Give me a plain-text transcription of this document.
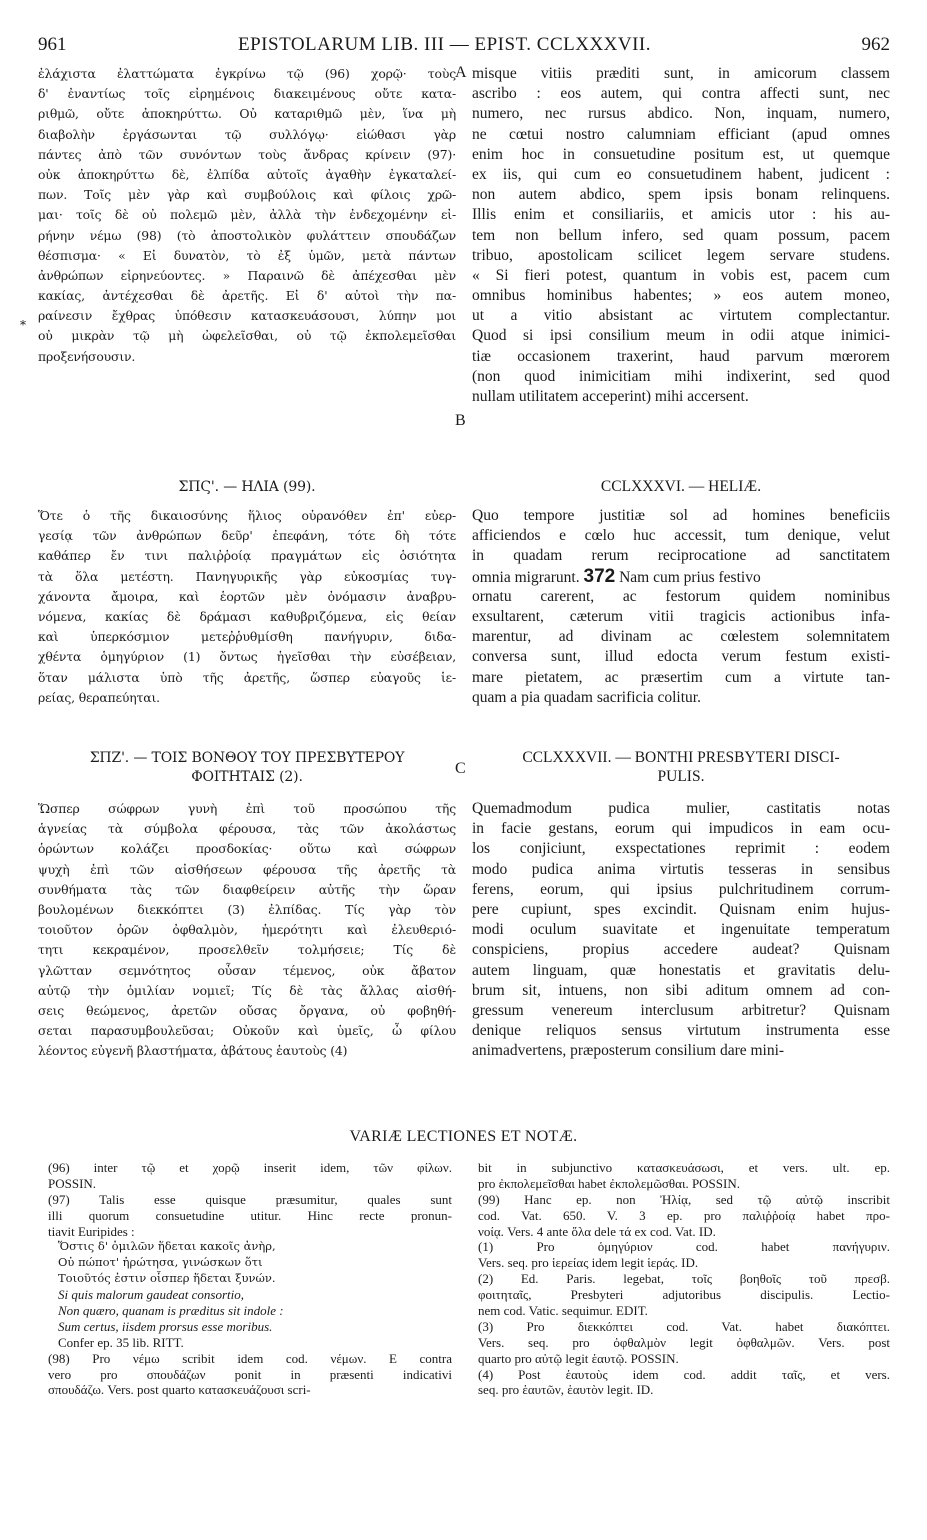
961	EPISTOLARUM LIB. III — EPIST. CCLXXXVII.	962
A
B
C
*
ἐλάχιστα ἐλαττώματα ἐγκρίνω τῷ (96) χορῷ· τοὺς
δ' ἐναντίως τοῖς εἰρημένοις διακειμένους οὔτε κατα-
ριθμῶ, οὔτε ἀποκηρύττω. Οὐ καταριθμῶ μὲν, ἵνα μὴ
διαβολὴν ἐργάσωνται τῷ συλλόγῳ· εἰώθασι γὰρ
πάντες ἀπὸ τῶν συνόντων τοὺς ἄνδρας κρίνειν (97)·
οὐκ ἀποκηρύττω δὲ, ἐλπίδα αὐτοῖς ἀγαθὴν ἐγκαταλεί-
πων. Τοῖς μὲν γὰρ καὶ συμβούλοις καὶ φίλοις χρῶ-
μαι· τοῖς δὲ οὐ πολεμῶ μὲν, ἀλλὰ τὴν ἐνδεχομένην εἰ-
ρήνην νέμω (98) (τὸ ἀποστολικὸν φυλάττειν σπουδάζων
θέσπισμα· « Εἰ δυνατὸν, τὸ ἐξ ὑμῶν, μετὰ πάντων
ἀνθρώπων εἰρηνεύοντες. » Παραινῶ δὲ ἀπέχεσθαι μὲν
κακίας, ἀντέχεσθαι δὲ ἀρετῆς. Εἰ δ' αὐτοὶ τὴν πα-
ραίνεσιν ἔχθρας ὑπόθεσιν κατασκευάσουσι, λύπην μοι
οὐ μικρὰν τῷ μὴ ὠφελεῖσθαι, οὐ τῷ ἐκπολεμεῖσθαι
προξενήσουσιν.
ΣΠϚ'. — ΗΛΙΑ (99).
Ὅτε ὁ τῆς δικαιοσύνης ἥλιος οὐρανόθεν ἐπ' εὐερ-
γεσίᾳ τῶν ἀνθρώπων δεῦρ' ἐπεφάνη, τότε δὴ τότε
καθάπερ ἔν τινι παλιῤῥοίᾳ πραγμάτων εἰς ὁσιότητα
τὰ ὅλα μετέστη. Πανηγυρικῆς γὰρ εὐκοσμίας τυγ-
χάνοντα ἄμοιρα, καὶ ἑορτῶν μὲν ὀνόμασιν ἀναβρυ-
νόμενα, κακίας δὲ δράμασι καθυβριζόμενα, εἰς θείαν
καὶ ὑπερκόσμιον μετεῤῥυθμίσθη πανήγυριν, διδα-
χθέντα ὁμηγύριον (1) ὄντως ἡγεῖσθαι τὴν εὐσέβειαν,
ὅταν μάλιστα ὑπὸ τῆς ἀρετῆς, ὥσπερ εὐαγοῦς ἱε-
ρείας, θεραπεύηται.
ΣΠΖ'. — ΤΟΙΣ ΒΟΝΘΟΥ ΤΟΥ ΠΡΕΣΒΥΤΕΡΟΥ
ΦΟΙΤΗΤΑΙΣ (2).
Ὥσπερ σώφρων γυνὴ ἐπὶ τοῦ προσώπου τῆς
ἁγνείας τὰ σύμβολα φέρουσα, τὰς τῶν ἀκολάστως
ὁρώντων κολάζει προσδοκίας· οὕτω καὶ σώφρων
ψυχὴ ἐπὶ τῶν αἰσθήσεων φέρουσα τῆς ἀρετῆς τὰ
συνθήματα τὰς τῶν διαφθείρειν αὐτῆς τὴν ὥραν
βουλομένων διεκκόπτει (3) ἐλπίδας. Τίς γὰρ τὸν
τοιοῦτον ὁρῶν ὀφθαλμὸν, ἡμερότητι καὶ ἐλευθεριό-
τητι κεκραμένον, προσελθεῖν τολμήσειε; Τίς δὲ
γλῶτταν σεμνότητος οὖσαν τέμενος, οὐκ ἄβατον
αὐτῷ τὴν ὁμιλίαν νομιεῖ; Τίς δὲ τὰς ἄλλας αἰσθή-
σεις θεώμενος, ἀρετῶν οὔσας ὄργανα, οὐ φοβηθή-
σεται παρασυμβουλεῦσαι; Οὐκοῦν καὶ ὑμεῖς, ὦ φίλου
λέοντος εὐγενῆ βλαστήματα, ἀβάτους ἑαυτοὺς (4)
misque vitiis præditi sunt, in amicorum classem
ascribo : eos autem, qui contra affecti sunt, nec
numero, nec rursus abdico. Non, inquam, numero,
ne cœtui nostro calumniam efficiant (apud omnes
enim hoc in consuetudine positum est, ut quemque
ex iis, qui cum eo consuetudinem habent, judicent :
non autem abdico, spem ipsis bonam relinquens.
Illis enim et consiliariis, et amicis utor : his au-
tem non bellum infero, sed quam possum, pacem
tribuo, apostolicam scilicet legem servare studens.
« Si fieri potest, quantum in vobis est, pacem cum
omnibus hominibus habentes; » eos autem moneo,
ut a vitio absistant ac virtutem complectantur.
Quod si ipsi consilium meum in odii atque inimici-
tiæ occasionem traxerint, haud parvum mœrorem
(non quod inimicitiam mihi indixerint, sed quod
nullam utilitatem acceperint) mihi accersent.
CCLXXXVI. — HELIÆ.
Quo tempore justitiæ sol ad homines beneficiis
afficiendos e cœlo huc accessit, tum denique, velut
in quadam rerum reciprocatione ad sanctitatem
omnia migrarunt. 372 Nam cum prius festivo
ornatu carerent, ac festorum quidem nominibus
exsultarent, cæterum vitii tragicis actionibus infa-
marentur, ad divinam ac cœlestem solemnitatem
conversa sunt, illud edocta verum festum existi-
mare pietatem, ac præsertim cum a virtute tan-
quam a pia quadam sacrificia colitur.
CCLXXXVII. — BONTHI PRESBYTERI DISCI-
PULIS.
Quemadmodum pudica mulier, castitatis notas
in facie gestans, eorum qui impudicos in eam ocu-
los conjiciunt, exspectationes reprimit : eodem
modo pudica anima virtutis tesseras in sensibus
ferens, eorum, qui ipsius pulchritudinem corrum-
pere cupiunt, spes excindit. Quisnam enim hujus-
modi oculum suavitate et ingenuitate temperatum
conspiciens, propius accedere audeat? Quisnam
autem linguam, quæ honestatis et gravitatis delu-
brum sit, intuens, non sibi aditum omnem ad con-
gressum venereum interclusum arbitretur? Quisnam
denique reliquos sensus virtutum instrumenta esse
animadvertens, præposterum consilium dare mini-
VARIÆ LECTIONES ET NOTÆ.
(96) inter τῷ et χορῷ inserit idem, τῶν φίλων.
POSSIN.
(97) Talis esse quisque præsumitur, quales sunt
illi quorum consuetudine utitur. Hinc recte pronun-
tiavit Euripides :
Ὅστις δ' ὁμιλῶν ἥδεται κακοῖς ἀνὴρ,
Οὐ πώποτ' ἠρώτησα, γινώσκων ὅτι
Τοιοῦτός ἐστιν οἷσπερ ἥδεται ξυνών.
Si quis malorum gaudeat consortio,
Non quæro, quanam is præditus sit indole :
Sum certus, iisdem prorsus esse moribus.
Confer ep. 35 lib. RITT.
(98) Pro νέμω scribit idem cod. νέμων. E contra
vero pro σπουδάζων ponit in præsenti indicativi
σπουδάζω. Vers. post quarto κατασκευάζουσι scri-
bit in subjunctivo κατασκευάσωσι, et vers. ult. ep.
pro ἐκπολεμεῖσθαι habet ἐκπολεμῶσθαι. POSSIN.
(99) Hanc ep. non Ἠλίᾳ, sed τῷ αὐτῷ inscribit
cod. Vat. 650. V. 3 ep. pro παλιῤῥοίᾳ habet προ-
νοίᾳ. Vers. 4 ante ὅλα dele τά ex cod. Vat. ID.
(1) Pro ὁμηγύριον cod. habet πανήγυριν.
Vers. seq. pro ἱερείας idem legit ἱεράς. ID.
(2) Ed. Paris. legebat, τοῖς βοηθοῖς τοῦ πρεσβ.
φοιτηταῖς, Presbyteri adjutoribus discipulis. Lectio-
nem cod. Vatic. sequimur. EDIT.
(3) Pro διεκκόπτει cod. Vat. habet διακόπτει.
Vers. seq. pro ὀφθαλμὸν legit ὀφθαλμῶν. Vers. post
quarto pro αὐτῷ legit ἑαυτῷ. POSSIN.
(4) Post ἑαυτοὺς idem cod. addit ταῖς, et vers.
seq. pro ἑαυτῶν, ἑαυτὸν legit. ID.
